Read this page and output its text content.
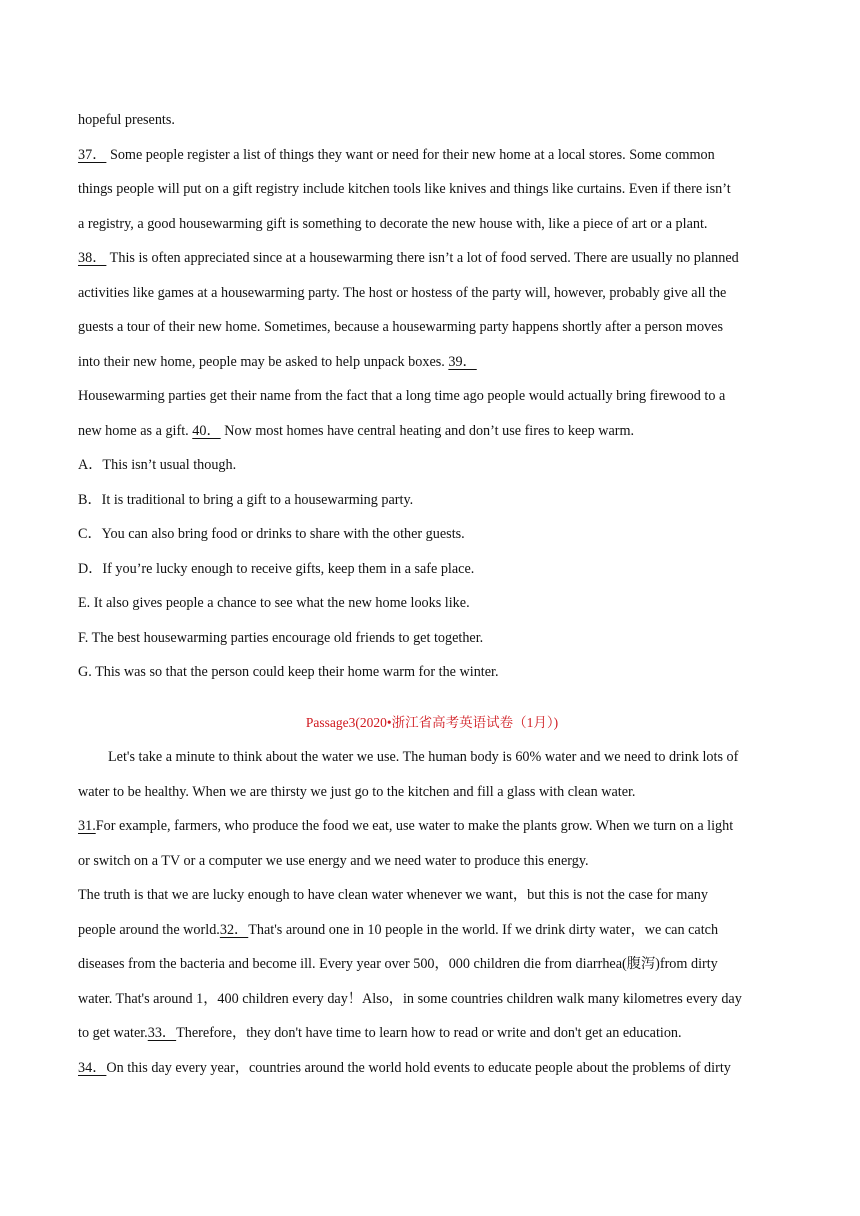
hopeful presents.
37． Some people register a list of things they want or need for their new home at a local stores. Some common
things people will put on a gift registry include kitchen tools like knives and things like curtains. Even if there isn’t
a registry, a good housewarming gift is something to decorate the new house with, like a piece of art or a plant.
38． This is often appreciated since at a housewarming there isn’t a lot of food served. There are usually no planned
activities like games at a housewarming party. The host or hostess of the party will, however, probably give all the
guests a tour of their new home. Sometimes, because a housewarming party happens shortly after a person moves
into their new home, people may be asked to help unpack boxes. 39．
Housewarming parties get their name from the fact that a long time ago people would actually bring firewood to a
new home as a gift. 40． Now most homes have central heating and don’t use fires to keep warm.
A．This isn’t usual though.
B．It is traditional to bring a gift to a housewarming party.
C．You can also bring food or drinks to share with the other guests.
D．If you’re lucky enough to receive gifts, keep them in a safe place.
E. It also gives people a chance to see what the new home looks like.
F. The best housewarming parties encourage old friends to get together.
G. This was so that the person could keep their home warm for the winter.
Passage3(2020•浙江省高考英语试卷（1月）)
Let's take a minute to think about the water we use. The human body is 60% water and we need to drink lots of
water to be healthy. When we are thirsty we just go to the kitchen and fill a glass with clean water.
31.For example, farmers, who produce the food we eat, use water to make the plants grow. When we turn on a light
or switch on a TV or a computer we use energy and we need water to produce this energy.
The truth is that we are lucky enough to have clean water whenever we want，but this is not the case for many
people around the world.32．That's around one in 10 people in the world. If we drink dirty water，we can catch
diseases from the bacteria and become ill. Every year over 500，000 children die from diarrhea(腹泻)from dirty
water. That's around 1，400 children every day！Also，in some countries children walk many kilometres every day
to get water.33．Therefore，they don't have time to learn how to read or write and don't get an education.
34．On this day every year，countries around the world hold events to educate people about the problems of dirty
